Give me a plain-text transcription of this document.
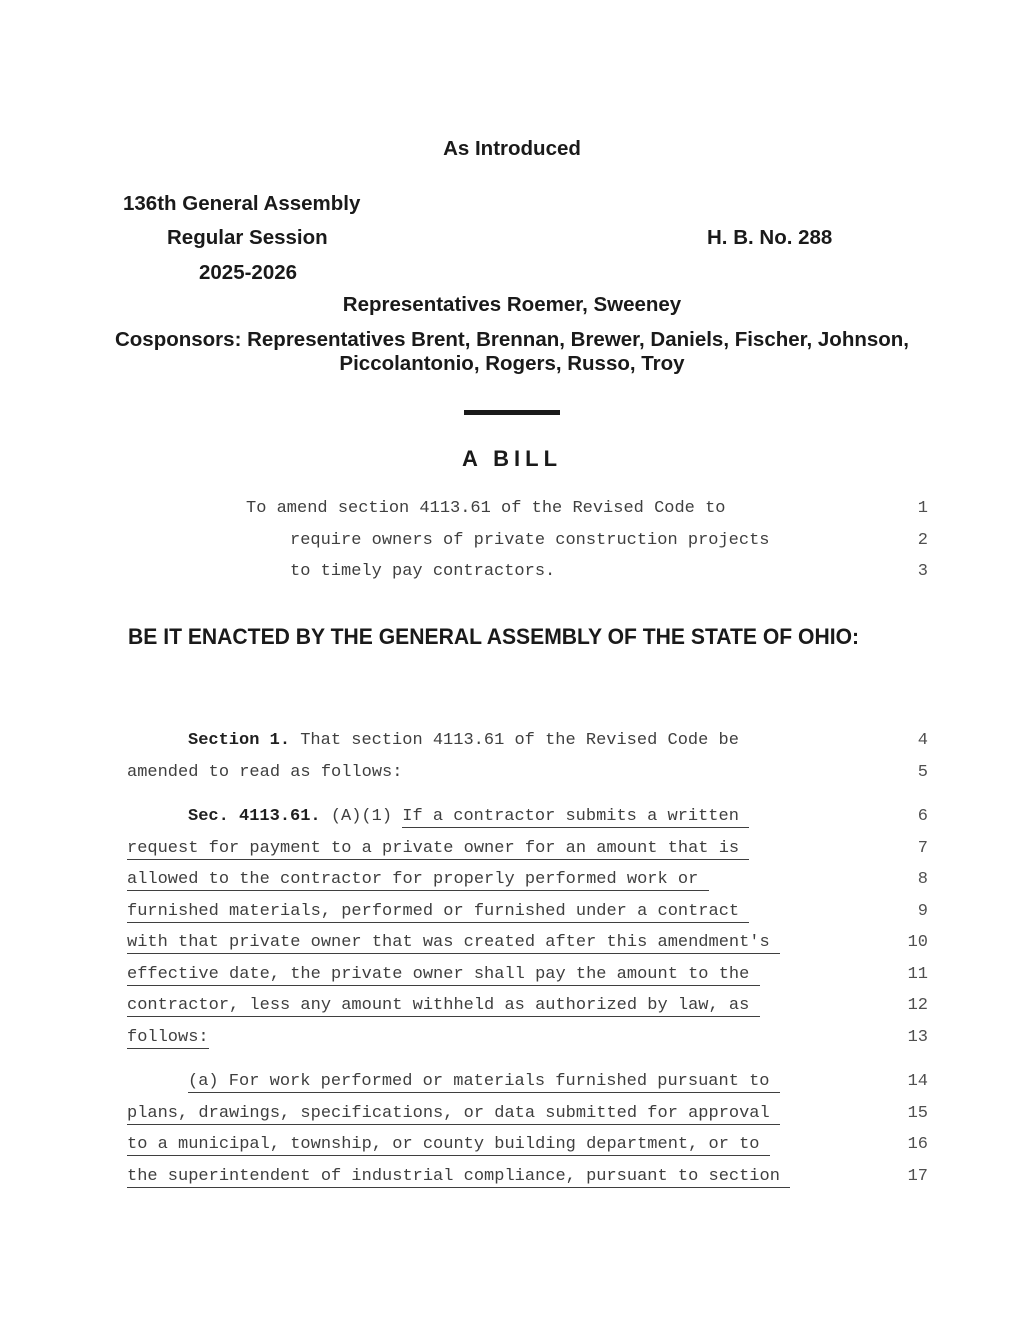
As Introduced
136th General Assembly
Regular Session	H. B. No. 288
2025-2026
Representatives Roemer, Sweeney
Cosponsors: Representatives Brent, Brennan, Brewer, Daniels, Fischer, Johnson,
Piccolantonio, Rogers, Russo, Troy
A BILL
To amend section 4113.61 of the Revised Code to	1
require owners of private construction projects	2
to timely pay contractors.	3
BE IT ENACTED BY THE GENERAL ASSEMBLY OF THE STATE OF OHIO:
Section 1. That section 4113.61 of the Revised Code be	4
amended to read as follows:	5
Sec. 4113.61. (A)(1) If a contractor submits a written	6
request for payment to a private owner for an amount that is	7
allowed to the contractor for properly performed work or	8
furnished materials, performed or furnished under a contract	9
with that private owner that was created after this amendment's	10
effective date, the private owner shall pay the amount to the	11
contractor, less any amount withheld as authorized by law, as	12
follows:	13
(a) For work performed or materials furnished pursuant to	14
plans, drawings, specifications, or data submitted for approval	15
to a municipal, township, or county building department, or to	16
the superintendent of industrial compliance, pursuant to section	17
